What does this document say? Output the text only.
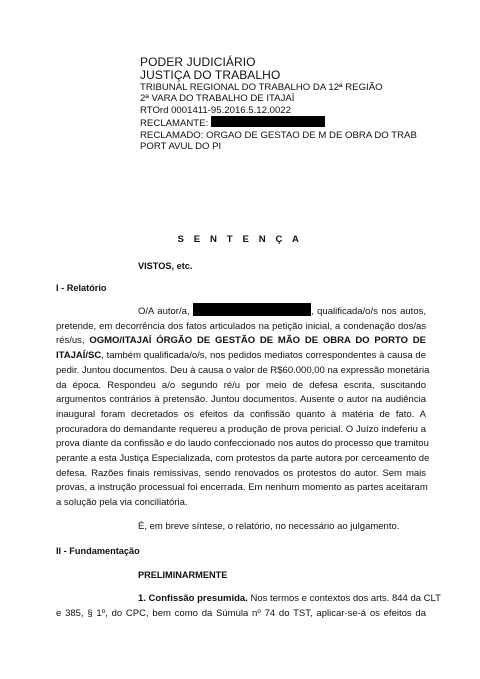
PODER JUDICIÁRIO
JUSTIÇA DO TRABALHO
TRIBUNAL REGIONAL DO TRABALHO DA 12ª REGIÃO
2ª VARA DO TRABALHO DE ITAJAÍ
RTOrd 0001411-95.2016.5.12.0022
RECLAMANTE:
RECLAMADO: ORGAO DE GESTAO DE M DE OBRA DO TRAB
PORT AVUL DO PI
S E N T E N Ç A
VISTOS, etc.
I - Relatório
O/A autor/a,	, qualificada/o/s nos autos,
pretende, em decorrência dos fatos articulados na petição inicial, a condenação dos/as
rés/us, OGMO/ITAJAÍ ÓRGÃO DE GESTÃO DE MÃO DE OBRA DO PORTO DE
ITAJAÍ/SC, também qualificada/o/s, nos pedidos mediatos correspondentes à causa de
pedir. Juntou documentos. Deu à causa o valor de R$60.000,00 na expressão monetária
da época. Respondeu a/o segundo ré/u por meio de defesa escrita, suscitando
argumentos contrários à pretensão. Juntou documentos. Ausente o autor na audiência
inaugural foram decretados os efeitos da confissão quanto à matéria de fato. A
procuradora do demandante requereu a produção de prova pericial. O Juízo indeferiu a
prova diante da confissão e do laudo confeccionado nos autos do processo que tramitou
perante a esta Justiça Especializada, com protestos da parte autora por cerceamento de
defesa. Razões finais remissivas, sendo renovados os protestos do autor. Sem mais
provas, a instrução processual foi encerrada. Em nenhum momento as partes aceitaram
a solução pela via conciliatória.
É, em breve síntese, o relatório, no necessário ao julgamento.
II - Fundamentação
PRELIMINARMENTE
1. Confissão presumida. Nos termos e contextos dos arts. 844 da CLT
e 385, § 1º, do CPC, bem como da Súmula nº 74 do TST, aplicar-se-á os efeitos da
